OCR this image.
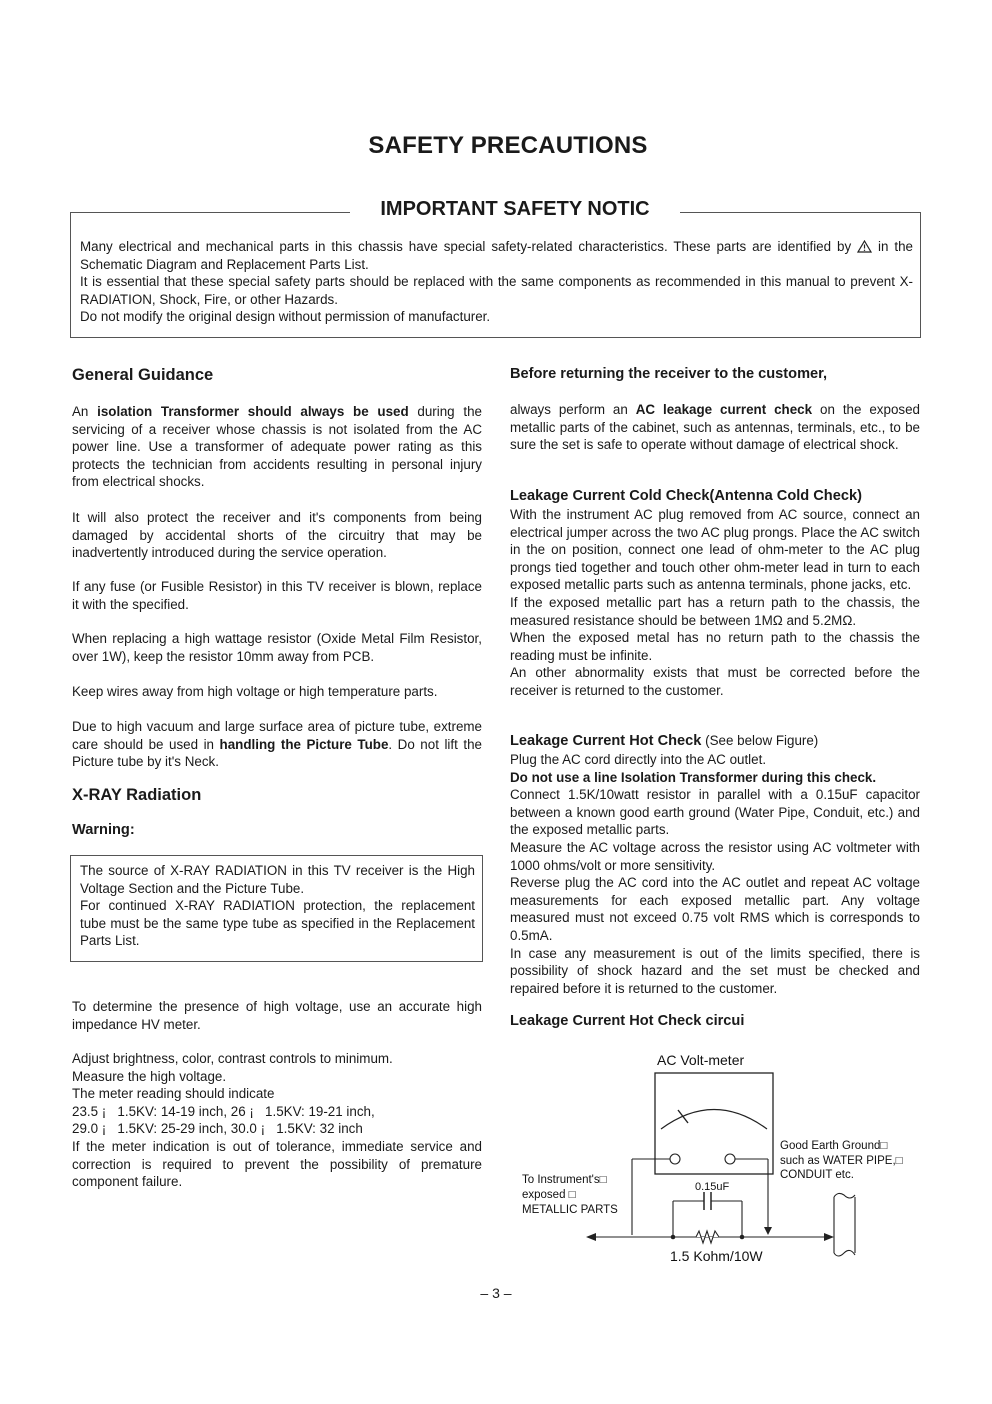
SAFETY PRECAUTIONS
IMPORTANT SAFETY NOTIC

Many electrical and mechanical parts in this chassis have special safety-related characteristics. These parts are identified by in the Schematic Diagram and Replacement Parts List.

It is essential that these special safety parts should be replaced with the same components as recommended in this manual to prevent X-RADIATION, Shock, Fire, or other Hazards.

Do not modify the original design without permission of manufacturer.

General Guidance

An isolation Transformer should always be used during the servicing of a receiver whose chassis is not isolated from the AC power line. Use a transformer of adequate power rating as this protects the technician from accidents resulting in personal injury from electrical shocks.

It will also protect the receiver and it's components from being damaged by accidental shorts of the circuitry that may be inadvertently introduced during the service operation.

If any fuse (or Fusible Resistor) in this TV receiver is blown, replace it with the specified.

When replacing a high wattage resistor (Oxide Metal Film Resistor, over 1W), keep the resistor 10mm away from PCB.

Keep wires away from high voltage or high temperature parts.

Due to high vacuum and large surface area of picture tube, extreme care should be used in handling the Picture Tube. Do not lift the Picture tube by it's Neck.

X-RAY Radiation
Warning:

The source of X-RAY RADIATION in this TV receiver is the High Voltage Section and the Picture Tube.

For continued X-RAY RADIATION protection, the replacement tube must be the same type tube as specified in the Replacement Parts List.

To determine the presence of high voltage, use an accurate high impedance HV meter.

Adjust brightness, color, contrast controls to minimum.

Measure the high voltage.

The meter reading should indicate

23.5 ¡   1.5KV: 14-19 inch, 26 ¡   1.5KV: 19-21 inch,

29.0 ¡   1.5KV: 25-29 inch, 30.0 ¡   1.5KV: 32 inch

If the meter indication is out of tolerance, immediate service and correction is required to prevent the possibility of premature component failure.

Before returning the receiver to the customer,

always perform an AC leakage current check on the exposed metallic parts of the cabinet, such as antennas, terminals, etc., to be sure the set is safe to operate without damage of electrical shock.

Leakage Current Cold Check(Antenna Cold Check)

With the instrument AC plug removed from AC source, connect an electrical jumper across the two AC plug prongs. Place the AC switch in the on position, connect one lead of ohm-meter to the AC plug prongs tied together and touch other ohm-meter lead in turn to each exposed metallic parts such as antenna terminals, phone jacks, etc.

If the exposed metallic part has a return path to the chassis, the measured resistance should be between 1MΩ and 5.2MΩ.

When the exposed metal has no return path to the chassis the reading must be infinite.

An other abnormality exists that must be corrected before the receiver is returned to the customer.

Leakage Current Hot Check (See below Figure)

Plug the AC cord directly into the AC outlet.

Do not use a line Isolation Transformer during this check.

Connect 1.5K/10watt resistor in parallel with a 0.15uF capacitor between a known good earth ground (Water Pipe, Conduit, etc.) and the exposed metallic parts.

Measure the AC voltage across the resistor using AC voltmeter with 1000 ohms/volt or more sensitivity.

Reverse plug the AC cord into the AC outlet and repeat AC voltage measurements for each exposed metallic part. Any voltage measured must not exceed 0.75 volt RMS which is corresponds to 0.5mA.

In case any measurement is out of the limits specified, there is possibility of shock hazard and the set must be checked and repaired before it is returned to the customer.

Leakage Current Hot Check circui
AC Volt-meter
0.15uF
1.5 Kohm/10W
To Instrument's□
exposed □
METALLIC PARTS
Good Earth Ground□
such as WATER PIPE,□
CONDUIT etc.
– 3 –
